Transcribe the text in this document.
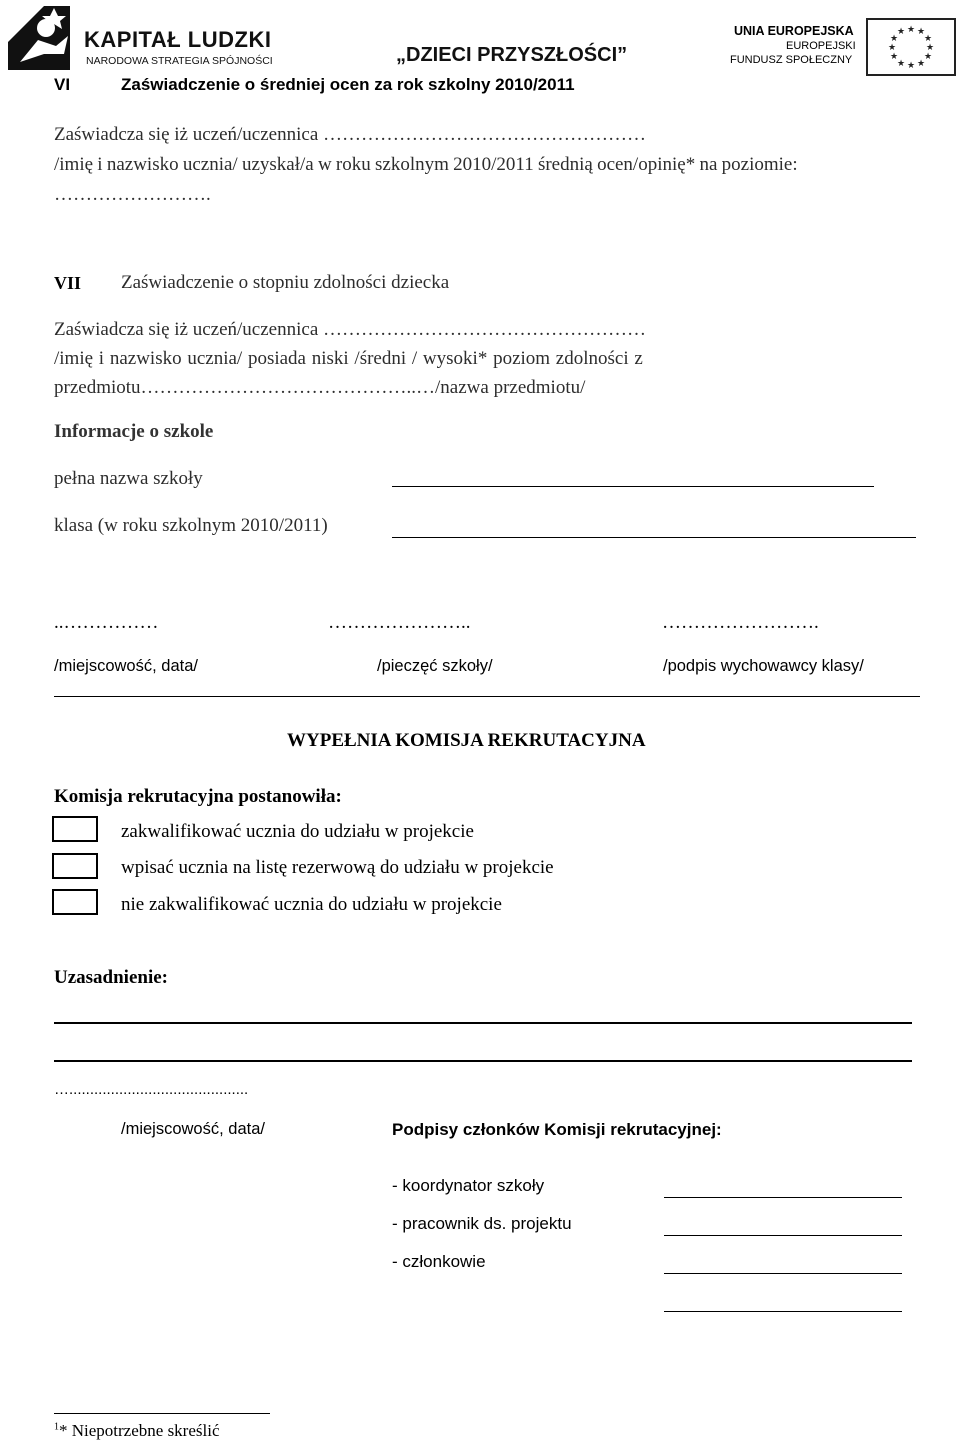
KAPITAŁ LUDZKI
NARODOWA STRATEGIA SPÓJNOŚCI	„DZIECI PRZYSZŁOŚCI”
UNIA EUROPEJSKA
EUROPEJSKI
FUNDUSZ SPOŁECZNY
★ ★
★
★
★
★
★
★
★
★
★
★
VI	Zaświadczenie o średniej ocen za rok szkolny 2010/2011
Zaświadcza się iż uczeń/uczennica ……………………………………………
/imię i nazwisko ucznia/ uzyskał/a w roku szkolnym 2010/2011 średnią ocen/opinię* na poziomie:
…………………….
VII Zaświadczenie o stopniu zdolności dziecka
Zaświadcza się iż uczeń/uczennica ……………………………………………
/imię i nazwisko ucznia/ posiada niski /średni / wysoki* poziom zdolności z
przedmiotu……………………………………..…/nazwa przedmiotu/
Informacje o szkole
pełna nazwa szkoły
klasa (w roku szkolnym 2010/2011)
..……………	…………………..	…………………….
/miejscowość, data/	/pieczęć szkoły/	/podpis wychowawcy klasy/
WYPEŁNIA KOMISJA REKRUTACYJNA
Komisja rekrutacyjna postanowiła:
zakwalifikować ucznia do udziału w projekcie
wpisać ucznia na listę rezerwową do udziału w projekcie
nie zakwalifikować ucznia do udziału w projekcie
Uzasadnienie:
…...........................................
/miejscowość, data/	Podpisy członków Komisji rekrutacyjnej:
- koordynator szkoły
- pracownik ds. projektu
- członkowie
$^1$* Niepotrzebne skreślić
